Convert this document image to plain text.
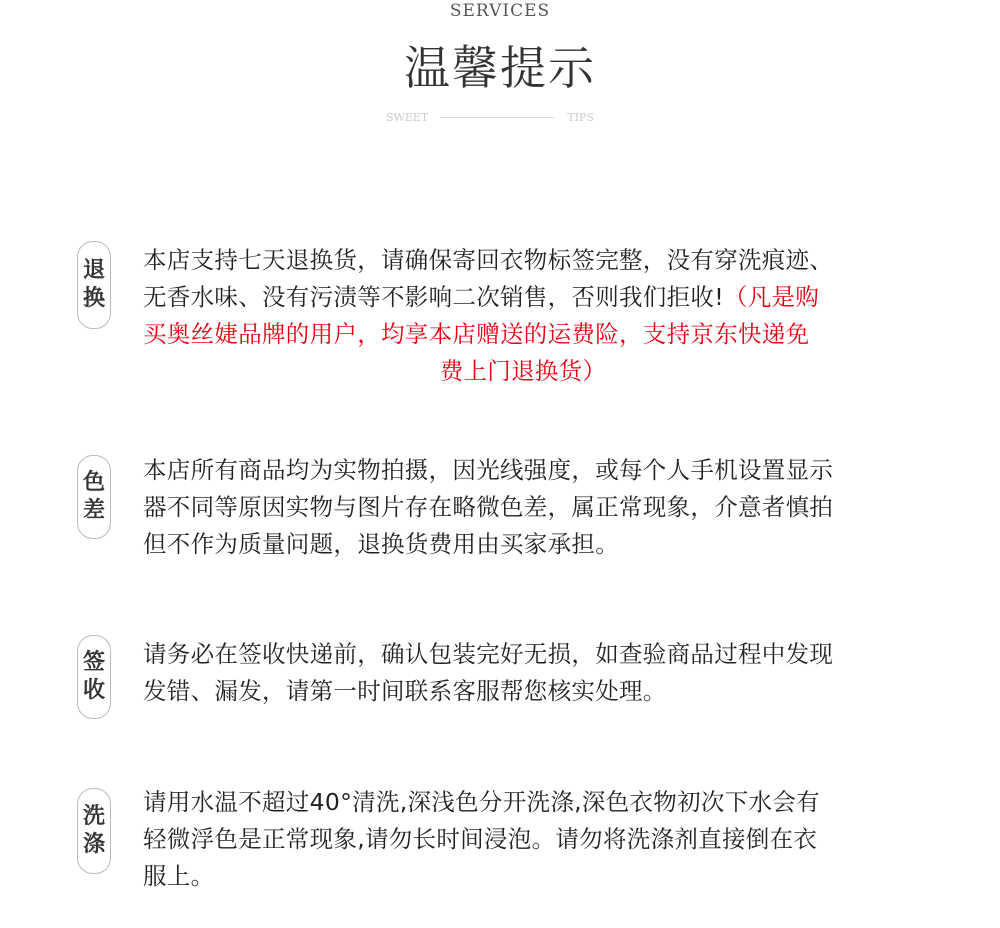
SERVICES
温馨提示
SWEET	TIPS
退
换
本店支持七天退换货，请确保寄回衣物标签完整，没有穿洗痕迹、
无香水味、没有污渍等不影响二次销售，否则我们拒收!（凡是购
买奥丝婕品牌的用户，均享本店赠送的运费险，支持京东快递免
费上门退换货）
色
差
本店所有商品均为实物拍摄，因光线强度，或每个人手机设置显示
器不同等原因实物与图片存在略微色差，属正常现象，介意者慎拍
但不作为质量问题，退换货费用由买家承担。
签
收
请务必在签收快递前，确认包装完好无损，如查验商品过程中发现
发错、漏发，请第一时间联系客服帮您核实处理。
洗
涤
请用水温不超过40°清洗,深浅色分开洗涤,深色衣物初次下水会有
轻微浮色是正常现象,请勿长时间浸泡。请勿将洗涤剂直接倒在衣
服上。
